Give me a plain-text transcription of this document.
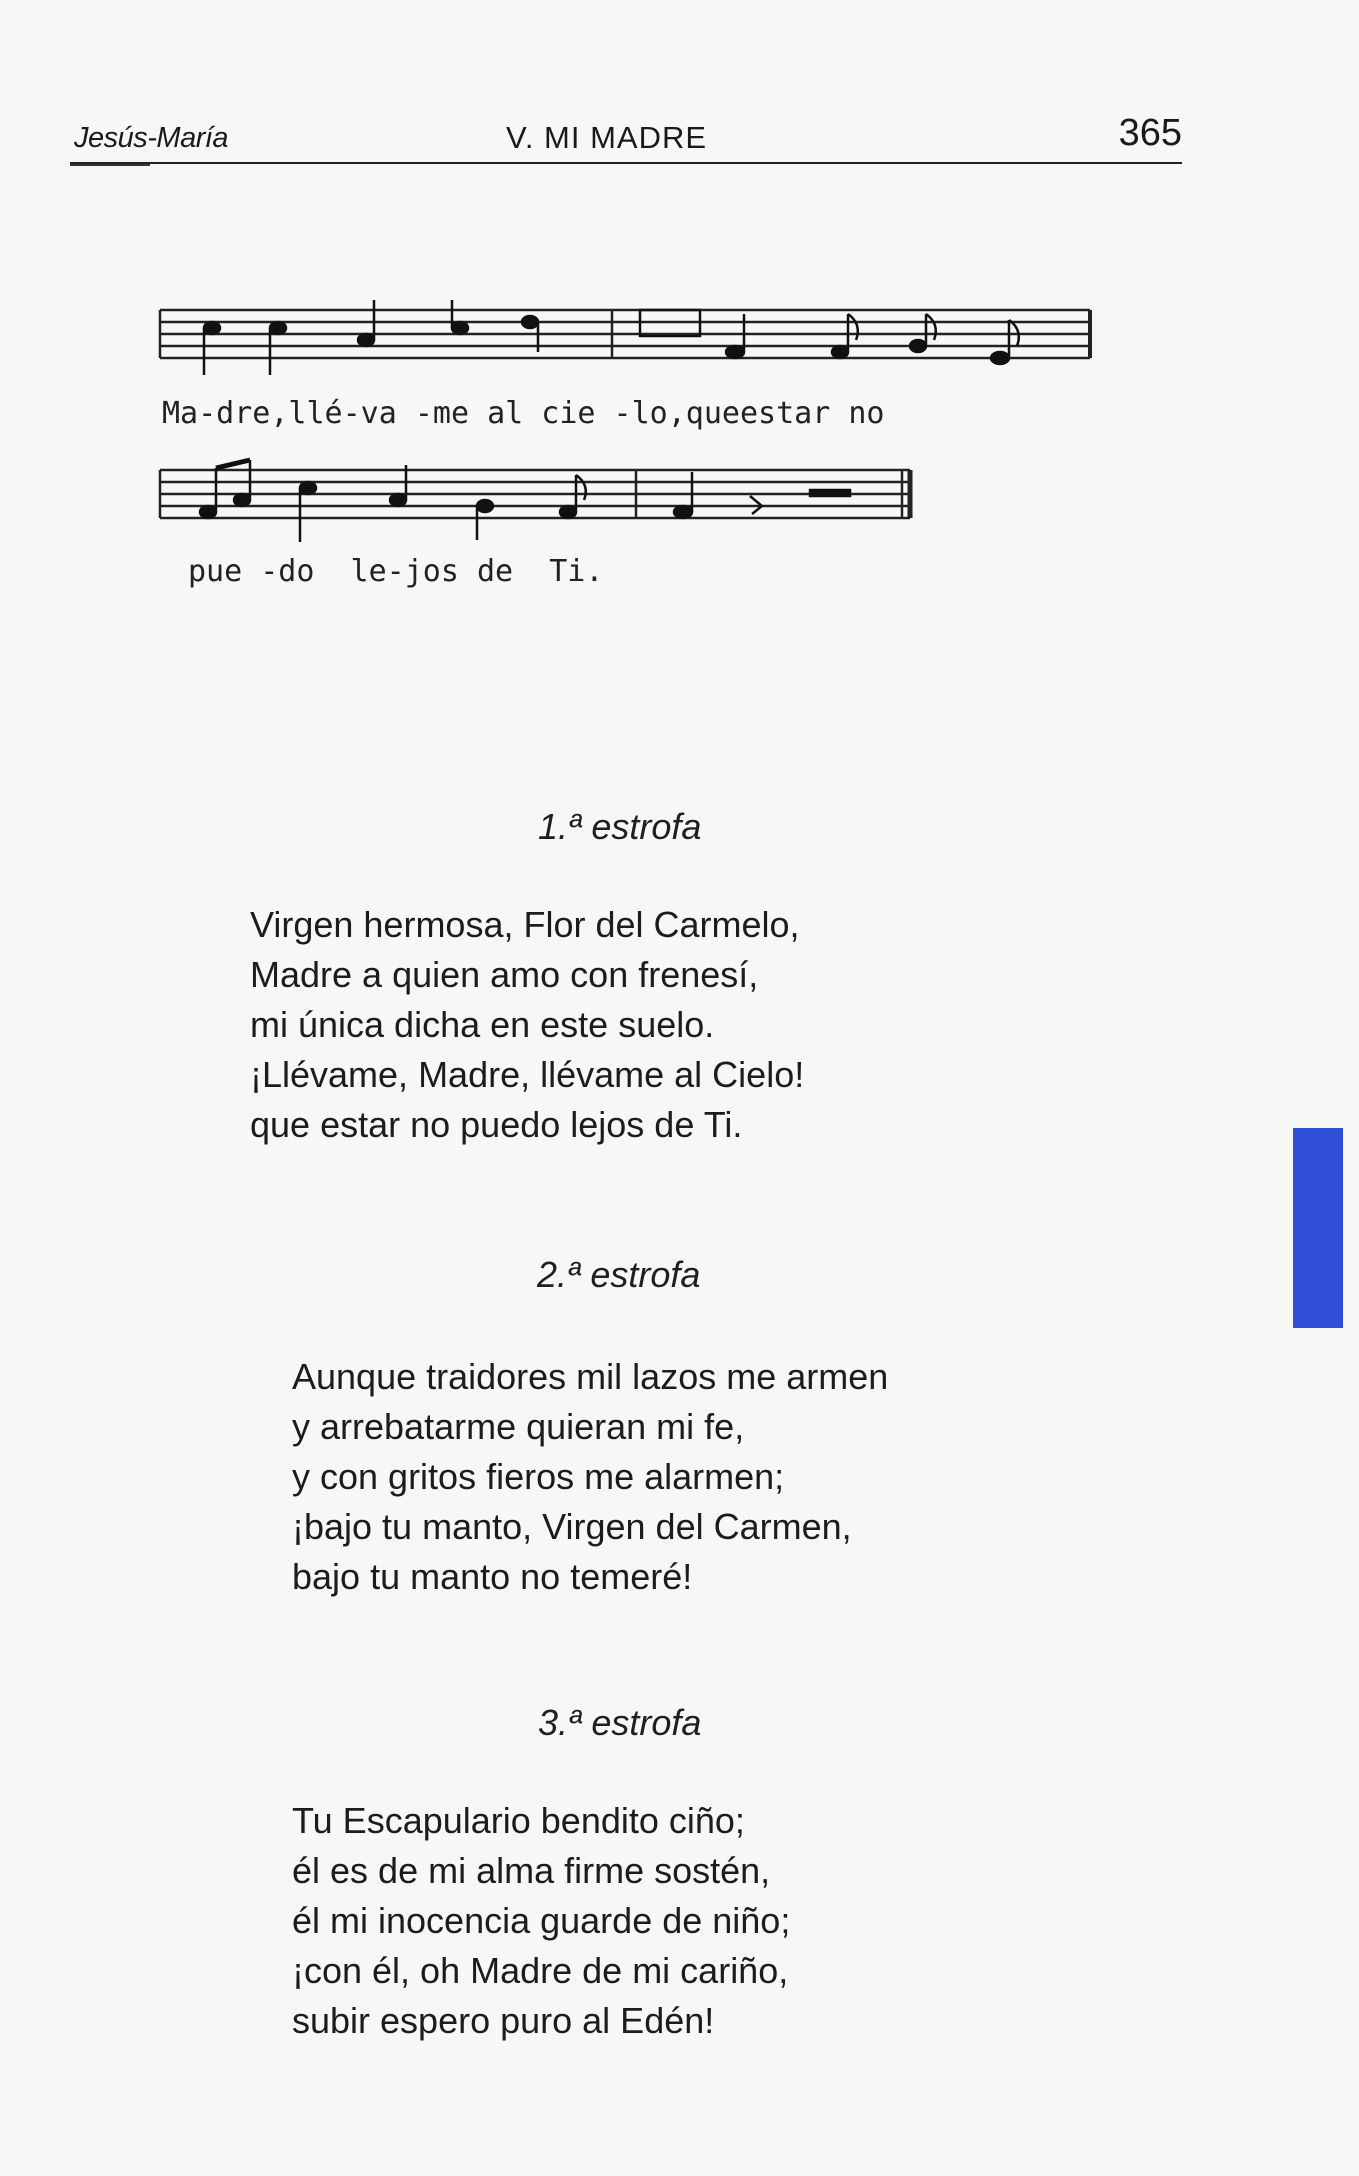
Jesús-María	V. MI MADRE	365
Ma-dre,llé-va -me al cie -lo,queestar no
pue -do  le-jos de  Ti.
1.ª estrofa
Virgen hermosa, Flor del Carmelo,
Madre a quien amo con frenesí,
mi única dicha en este suelo.
¡Llévame, Madre, llévame al Cielo!
que estar no puedo lejos de Ti.
2.ª estrofa
Aunque traidores mil lazos me armen
y arrebatarme quieran mi fe,
y con gritos fieros me alarmen;
¡bajo tu manto, Virgen del Carmen,
bajo tu manto no temeré!
3.ª estrofa
Tu Escapulario bendito ciño;
él es de mi alma firme sostén,
él mi inocencia guarde de niño;
¡con él, oh Madre de mi cariño,
subir espero puro al Edén!
